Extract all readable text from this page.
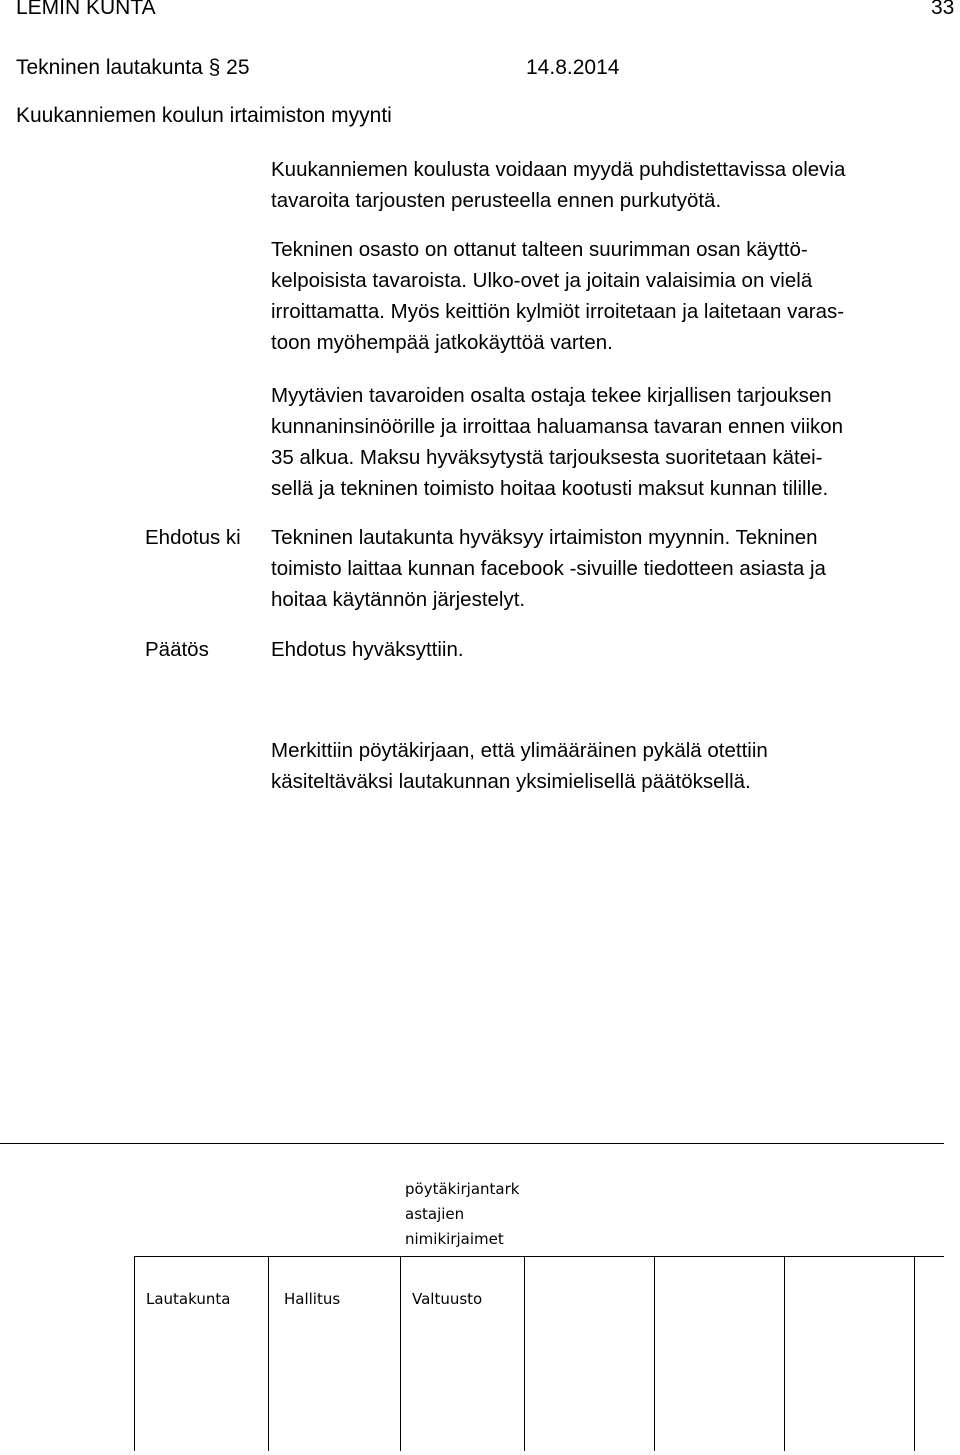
LEMIN KUNTA	33

Tekninen lautakunta § 25	14.8.2014

Kuukanniemen koulun irtaimiston myynti

Kuukanniemen koulusta voidaan myydä puhdistettavissa olevia
tavaroita tarjousten perusteella ennen purkutyötä.
Tekninen osasto on ottanut talteen suurimman osan käyttö-
kelpoisista tavaroista. Ulko-ovet ja joitain valaisimia on vielä
irroittamatta. Myös keittiön kylmiöt irroitetaan ja laitetaan varas-
toon myöhempää jatkokäyttöä varten.
Myytävien tavaroiden osalta ostaja tekee kirjallisen tarjouksen
kunnaninsinöörille ja irroittaa haluamansa tavaran ennen viikon
35 alkua. Maksu hyväksytystä tarjouksesta suoritetaan kätei-
sellä ja tekninen toimisto hoitaa kootusti maksut kunnan tilille.

Ehdotus ki Tekninen lautakunta hyväksyy irtaimiston myynnin. Tekninen
toimisto laittaa kunnan facebook -sivuille tiedotteen asiasta ja
hoitaa käytännön järjestelyt.

Päätös	Ehdotus hyväksyttiin.

Merkittiin pöytäkirjaan, että ylimääräinen pykälä otettiin
käsiteltäväksi lautakunnan yksimielisellä päätöksellä.
pöytäkirjantark
astajien
nimikirjaimet

Lautakunta	Hallitus	Valtuusto
